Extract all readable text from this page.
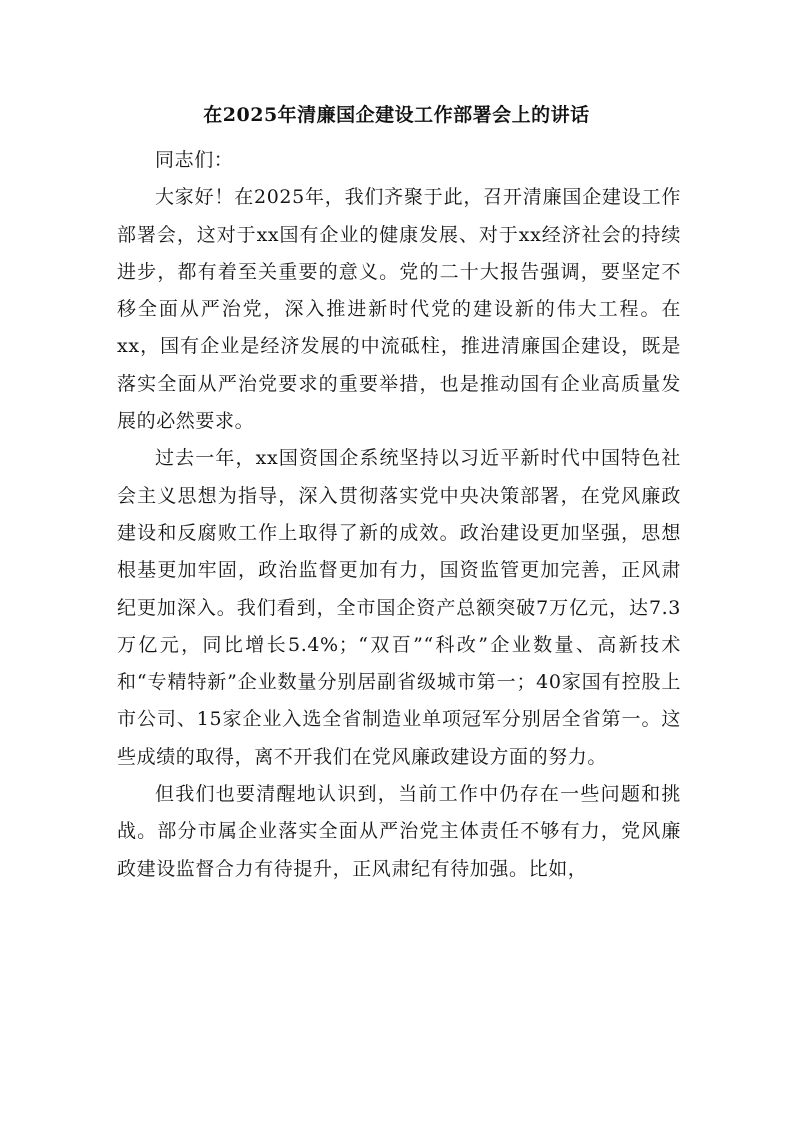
在2025年清廉国企建设工作部署会上的讲话

同志们：

大家好！在2025年，我们齐聚于此，召开清廉国企建设工作部署会，这对于xx国有企业的健康发展、对于xx经济社会的持续进步，都有着至关重要的意义。党的二十大报告强调，要坚定不移全面从严治党，深入推进新时代党的建设新的伟大工程。在xx，国有企业是经济发展的中流砥柱，推进清廉国企建设，既是落实全面从严治党要求的重要举措，也是推动国有企业高质量发展的必然要求。

过去一年，xx国资国企系统坚持以习近平新时代中国特色社会主义思想为指导，深入贯彻落实党中央决策部署，在党风廉政建设和反腐败工作上取得了新的成效。政治建设更加坚强，思想根基更加牢固，政治监督更加有力，国资监管更加完善，正风肃纪更加深入。我们看到，全市国企资产总额突破7万亿元，达7.3万亿元，同比增长5.4%；“双百”“科改”企业数量、高新技术和“专精特新”企业数量分别居副省级城市第一；40家国有控股上市公司、15家企业入选全省制造业单项冠军分别居全省第一。这些成绩的取得，离不开我们在党风廉政建设方面的努力。

但我们也要清醒地认识到，当前工作中仍存在一些问题和挑战。部分市属企业落实全面从严治党主体责任不够有力，党风廉政建设监督合力有待提升，正风肃纪有待加强。比如，
